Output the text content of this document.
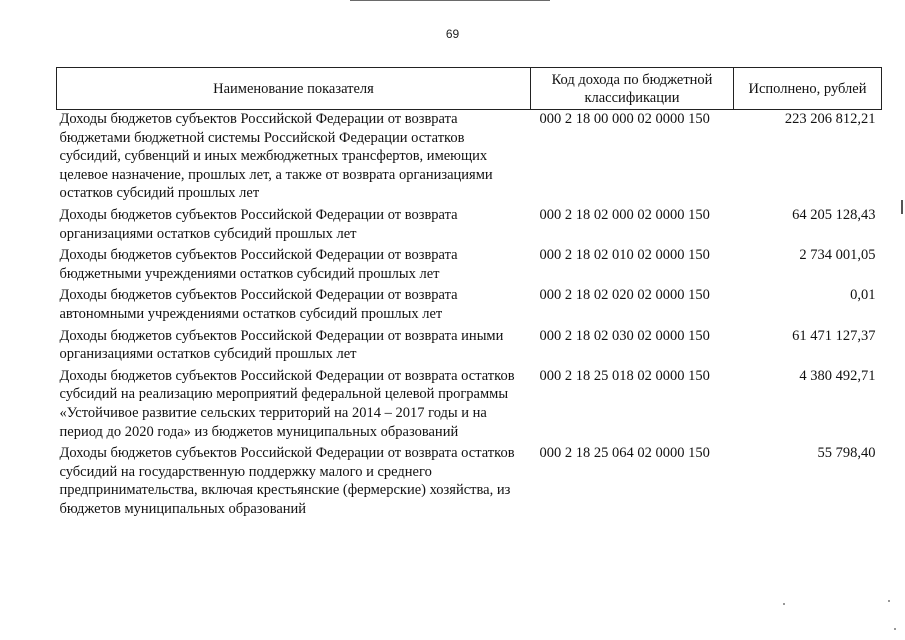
69
Наименование показателя	Код дохода по бюджетной классификации	Исполнено, рублей
Доходы бюджетов субъектов Российской Федерации от возврата бюджетами бюджетной системы Российской Федерации остатков субсидий, субвенций и иных межбюджетных трансфертов, имеющих целевое назначение, прошлых лет, а также от возврата организациями остатков субсидий прошлых лет	000 2 18 00 000 02 0000 150	223 206 812,21
Доходы бюджетов субъектов Российской Федерации от возврата организациями остатков субсидий прошлых лет	000 2 18 02 000 02 0000 150	64 205 128,43
Доходы бюджетов субъектов Российской Федерации от возврата бюджетными учреждениями остатков субсидий прошлых лет	000 2 18 02 010 02 0000 150	2 734 001,05
Доходы бюджетов субъектов Российской Федерации от возврата автономными учреждениями остатков субсидий прошлых лет	000 2 18 02 020 02 0000 150	0,01
Доходы бюджетов субъектов Российской Федерации от возврата иными организациями остатков субсидий прошлых лет	000 2 18 02 030 02 0000 150	61 471 127,37
Доходы бюджетов субъектов Российской Федерации от возврата остатков субсидий на реализацию мероприятий федеральной целевой программы «Устойчивое развитие сельских территорий на 2014 – 2017 годы и на период до 2020 года» из бюджетов муниципальных образований	000 2 18 25 018 02 0000 150	4 380 492,71
Доходы бюджетов субъектов Российской Федерации от возврата остатков субсидий на государственную поддержку малого и среднего предпринимательства, включая крестьянские (фермерские) хозяйства, из бюджетов муниципальных образований	000 2 18 25 064 02 0000 150	55 798,40
